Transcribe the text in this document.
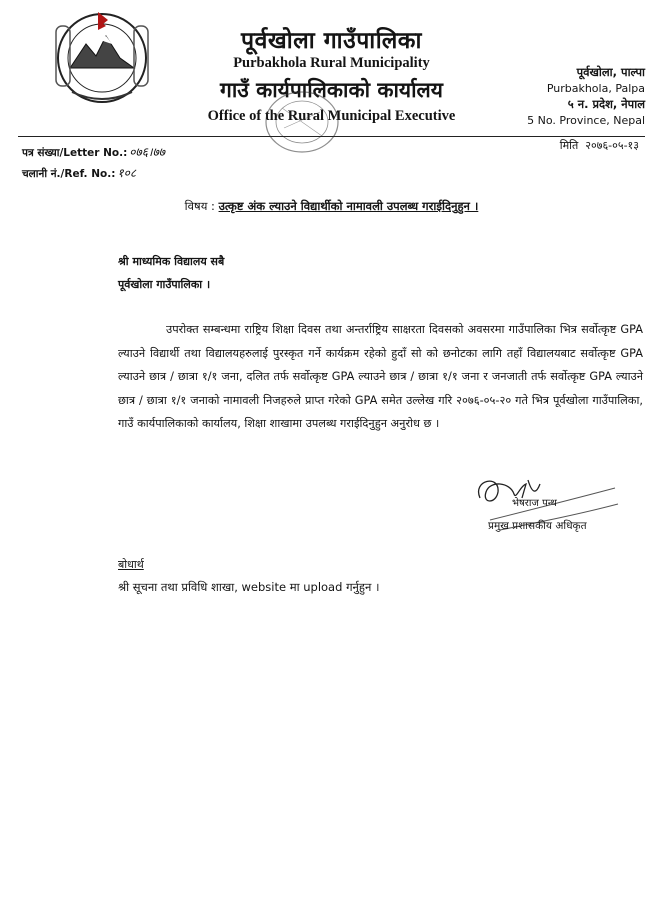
पूर्वखोला गाउँपालिका
Purbakhola Rural Municipality
गाउँ कार्यपालिकाको कार्यालय
Office of the Rural Municipal Executive
पूर्वखोला, पाल्पा
Purbakhola, Palpa
५ न. प्रदेश, नेपाल
5 No. Province, Nepal
पत्र संख्या/Letter No.: ०७६।७७
चलानी नं./Ref. No.: १०८
मिति २०७६-०५-१३
विषय : उत्कृष्ट अंक ल्याउने विद्यार्थीको नामावली उपलब्ध गराईदिनुहुन ।
श्री माध्यमिक विद्यालय सबै
पूर्वखोला गाउँपालिका ।
उपरोक्त सम्बन्धमा राष्ट्रिय शिक्षा दिवस तथा अन्तर्राष्ट्रिय साक्षरता दिवसको अवसरमा गाउँपालिका भित्र सर्वोत्कृष्ट GPA ल्याउने विद्यार्थी तथा विद्यालयहरुलाई पुरस्कृत गर्ने कार्यक्रम रहेको हुदाँ सो को छनोटका लागि तहाँ विद्यालयबाट सर्वोत्कृष्ट GPA ल्याउने छात्र / छात्रा १/१ जना, दलित तर्फ सर्वोत्कृष्ट GPA ल्याउने छात्र / छात्रा १/१ जना र जनजाती तर्फ सर्वोत्कृष्ट GPA ल्याउने छात्र / छात्रा १/१ जनाको नामावली निजहरुले प्राप्त गरेको GPA समेत उल्लेख गरि २०७६-०५-२० गते भित्र पूर्वखोला गाउँपालिका, गाउँ कार्यपालिकाको कार्यालय, शिक्षा शाखामा उपलब्ध गराईदिनुहुन अनुरोध छ ।
भेषराज पन्थ
प्रमुख प्रशासकीय अधिकृत
बोधार्थ
श्री सूचना तथा प्रविधि शाखा, website मा upload गर्नुहुन ।
